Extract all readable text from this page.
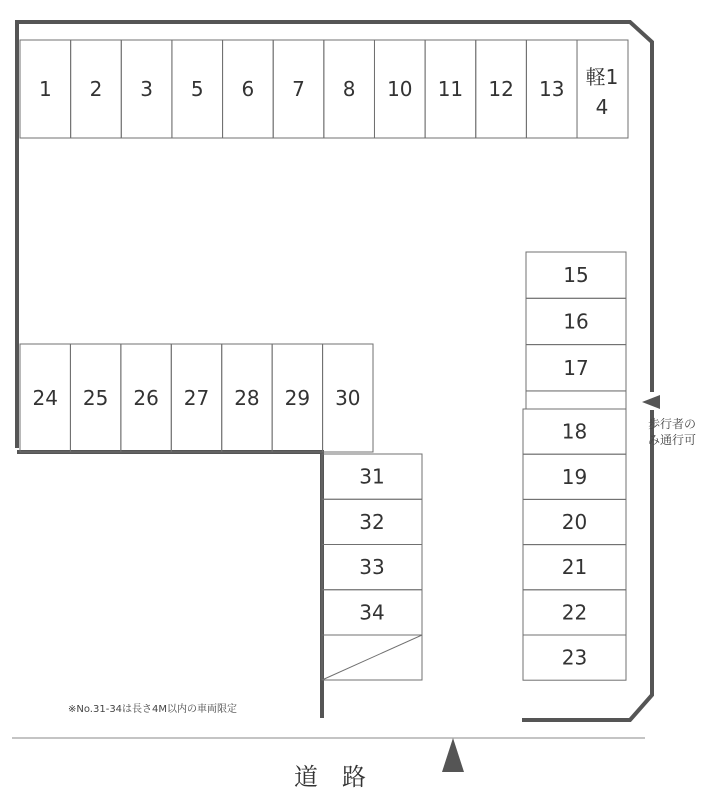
1 2 3 5 6 7 8 10 11 12 13
24 25 26 27 28 29 30
31
32
33
34
15
16
17
18
19
20
21
22
23
軽1
4
歩行者の
み通行可
※No.31-34は長さ4M以内の車両限定
道　路
